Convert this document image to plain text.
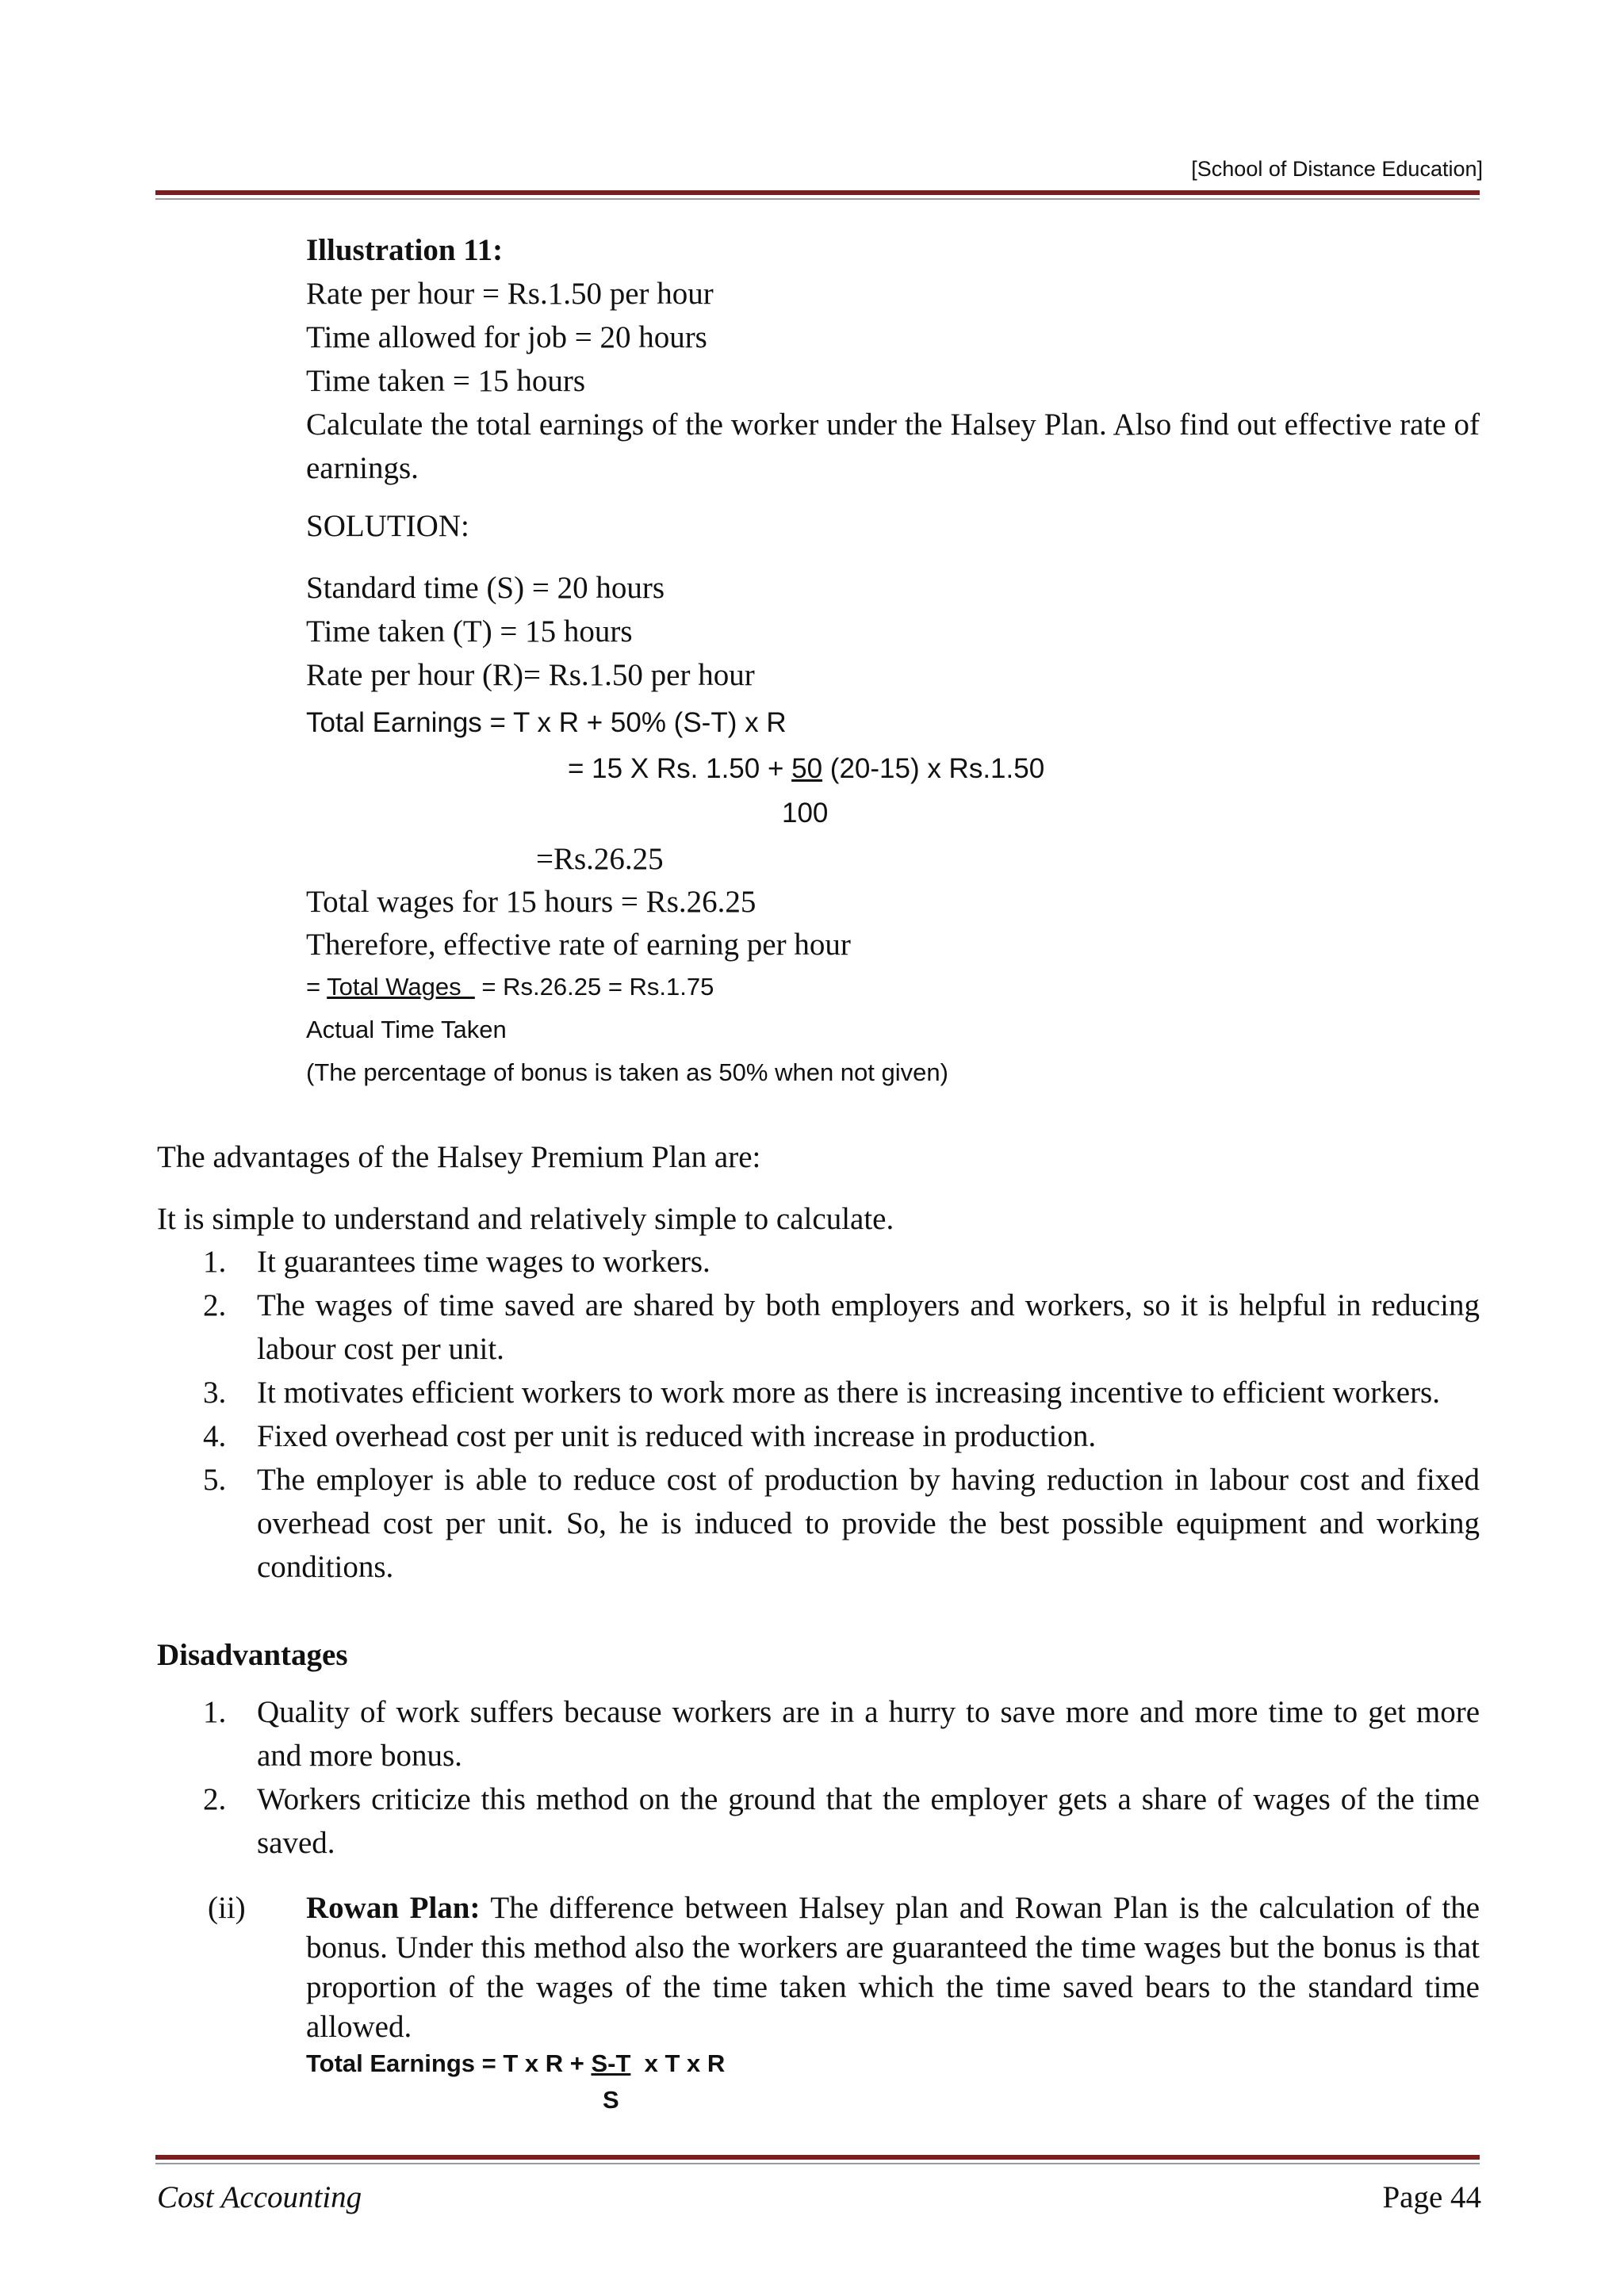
[School of Distance Education]
Illustration 11:
Rate per hour = Rs.1.50 per hour
Time allowed for job = 20 hours
Time taken = 15 hours
Calculate the total earnings of the worker under the Halsey Plan. Also find out effective rate of earnings.
SOLUTION:
Standard time (S) = 20 hours
Time taken (T) = 15 hours
Rate per hour (R)= Rs.1.50 per hour
Total Earnings = T x R + 50% (S-T) x R
= 15 X Rs. 1.50 + 50 (20-15) x Rs.1.50
100
=Rs.26.25
Total wages for 15 hours = Rs.26.25
Therefore, effective rate of earning per hour
= Total Wages   = Rs.26.25 = Rs.1.75
Actual Time Taken
(The percentage of bonus is taken as 50% when not given)
The advantages of the Halsey Premium Plan are:
It is simple to understand and relatively simple to calculate.
1. It guarantees time wages to workers.
2. The wages of time saved are shared by both employers and workers, so it is helpful in reducing labour cost per unit.
3. It motivates efficient workers to work more as there is increasing incentive to efficient workers.
4. Fixed overhead cost per unit is reduced with increase in production.
5. The employer is able to reduce cost of production by having reduction in labour cost and fixed overhead cost per unit. So, he is induced to provide the best possible equipment and working conditions.
Disadvantages
1. Quality of work suffers because workers are in a hurry to save more and more time to get more and more bonus.
2. Workers criticize this method on the ground that the employer gets a share of wages of the time saved.
(ii) Rowan Plan: The difference between Halsey plan and Rowan Plan is the calculation of the bonus. Under this method also the workers are guaranteed the time wages but the bonus is that proportion of the wages of the time taken which the time saved bears to the standard time allowed.
Total Earnings = T x R + S-T  x T x R
S
Cost Accounting	Page 44
